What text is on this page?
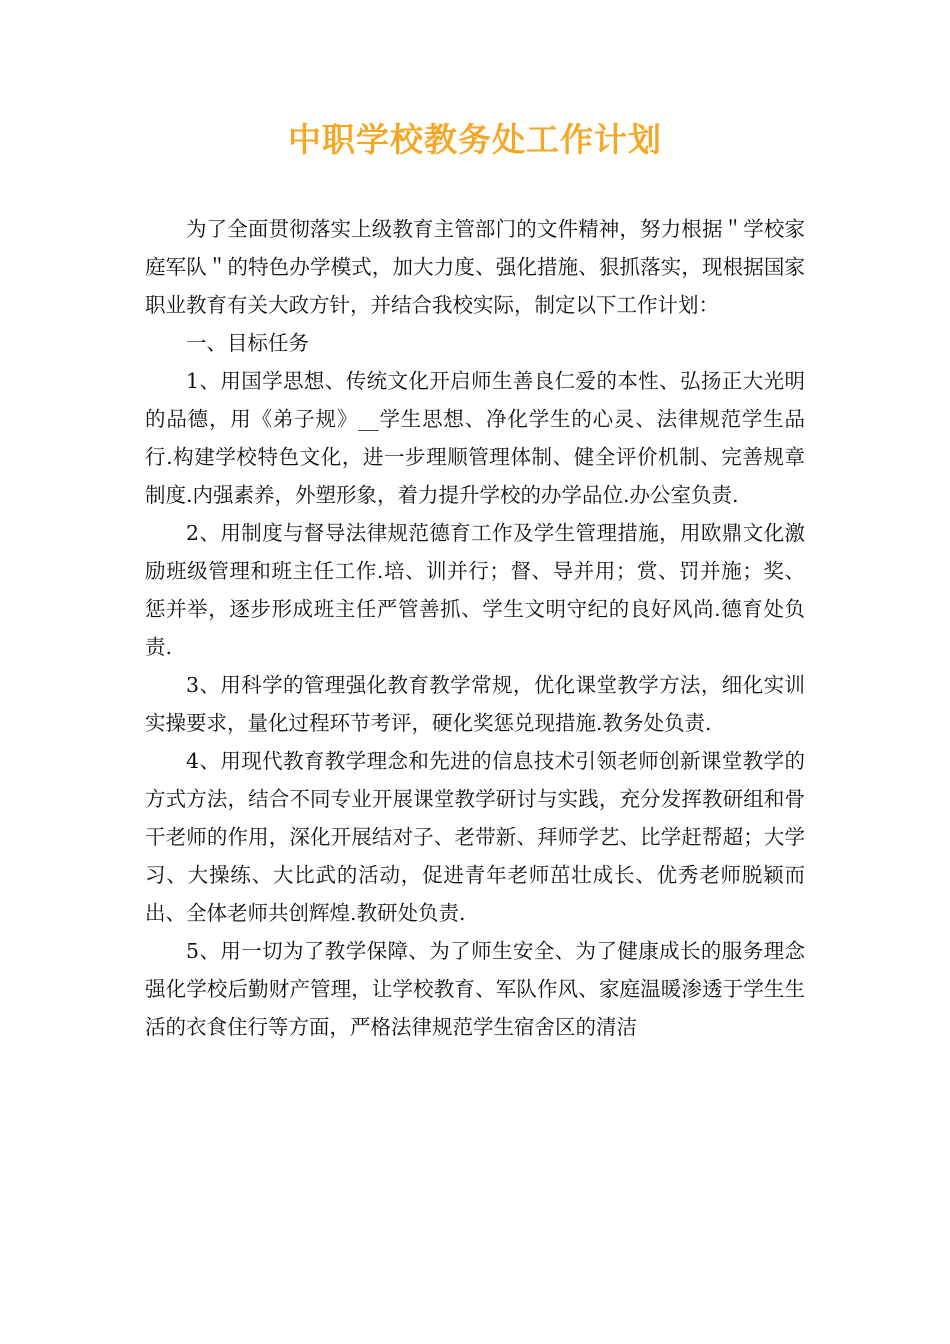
中职学校教务处工作计划

为了全面贯彻落实上级教育主管部门的文件精神，努力根据＂学校家庭军队＂的特色办学模式，加大力度、强化措施、狠抓落实，现根据国家职业教育有关大政方针，并结合我校实际，制定以下工作计划：

一、目标任务

1、用国学思想、传统文化开启师生善良仁爱的本性、弘扬正大光明的品德，用《弟子规》__学生思想、净化学生的心灵、法律规范学生品行.构建学校特色文化，进一步理顺管理体制、健全评价机制、完善规章制度.内强素养，外塑形象，着力提升学校的办学品位.办公室负责.

2、用制度与督导法律规范德育工作及学生管理措施，用欧鼎文化激励班级管理和班主任工作.培、训并行；督、导并用；赏、罚并施；奖、惩并举，逐步形成班主任严管善抓、学生文明守纪的良好风尚.德育处负责.

3、用科学的管理强化教育教学常规，优化课堂教学方法，细化实训实操要求，量化过程环节考评，硬化奖惩兑现措施.教务处负责.

4、用现代教育教学理念和先进的信息技术引领老师创新课堂教学的方式方法，结合不同专业开展课堂教学研讨与实践，充分发挥教研组和骨干老师的作用，深化开展结对子、老带新、拜师学艺、比学赶帮超；大学习、大操练、大比武的活动，促进青年老师茁壮成长、优秀老师脱颖而出、全体老师共创辉煌.教研处负责.

5、用一切为了教学保障、为了师生安全、为了健康成长的服务理念强化学校后勤财产管理，让学校教育、军队作风、家庭温暖渗透于学生生活的衣食住行等方面，严格法律规范学生宿舍区的清洁
